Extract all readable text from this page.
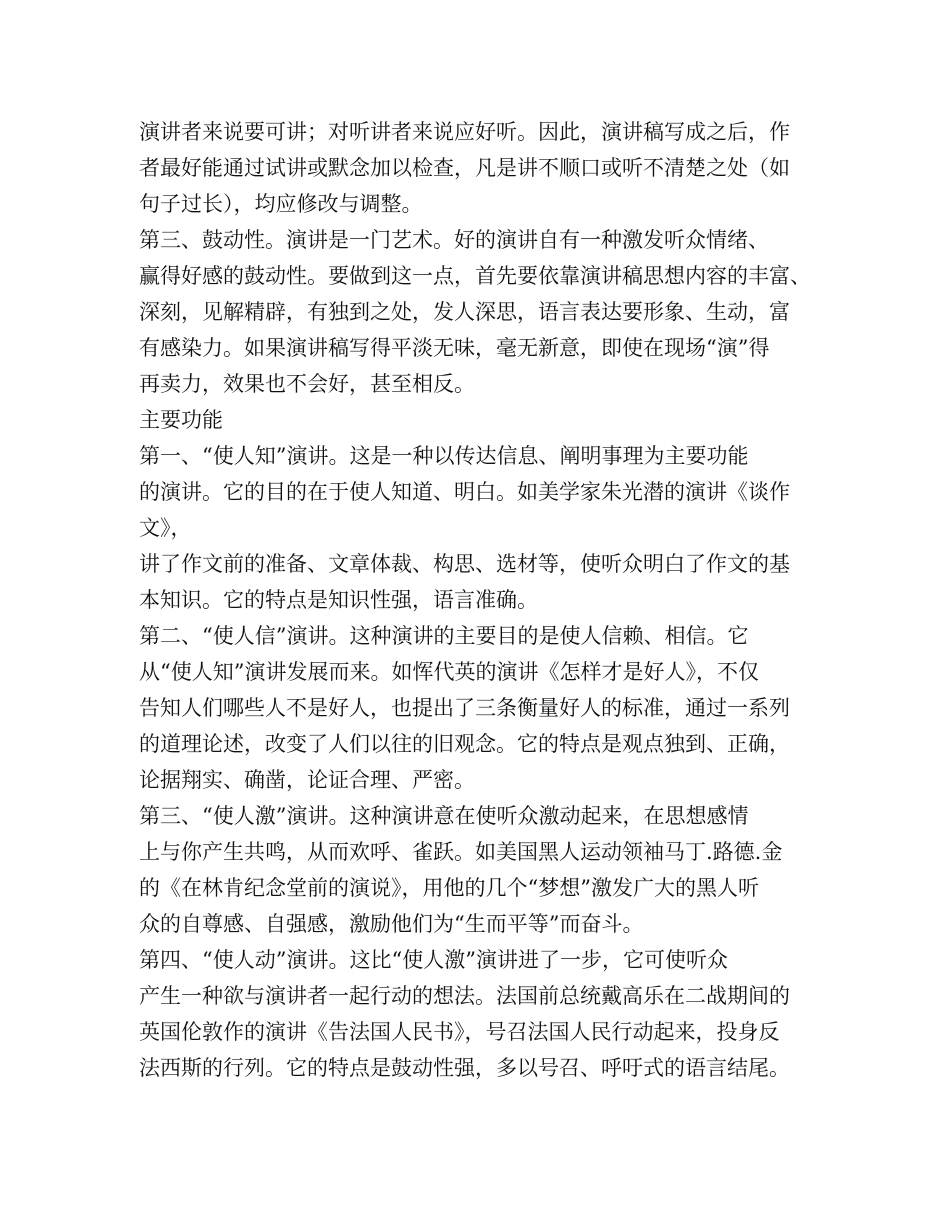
演讲者来说要可讲；对听讲者来说应好听。因此，演讲稿写成之后，作
者最好能通过试讲或默念加以检查，凡是讲不顺口或听不清楚之处（如
句子过长），均应修改与调整。
第三、鼓动性。演讲是一门艺术。好的演讲自有一种激发听众情绪、
赢得好感的鼓动性。要做到这一点，首先要依靠演讲稿思想内容的丰富、
深刻，见解精辟，有独到之处，发人深思，语言表达要形象、生动，富
有感染力。如果演讲稿写得平淡无味，毫无新意，即使在现场“演”得
再卖力，效果也不会好，甚至相反。
主要功能
第一、“使人知”演讲。这是一种以传达信息、阐明事理为主要功能
的演讲。它的目的在于使人知道、明白。如美学家朱光潜的演讲《谈作
文》，
讲了作文前的准备、文章体裁、构思、选材等，使听众明白了作文的基
本知识。它的特点是知识性强，语言准确。
第二、“使人信”演讲。这种演讲的主要目的是使人信赖、相信。它
从“使人知”演讲发展而来。如恽代英的演讲《怎样才是好人》，不仅
告知人们哪些人不是好人，也提出了三条衡量好人的标准，通过一系列
的道理论述，改变了人们以往的旧观念。它的特点是观点独到、正确，
论据翔实、确凿，论证合理、严密。
第三、“使人激”演讲。这种演讲意在使听众激动起来，在思想感情
上与你产生共鸣，从而欢呼、雀跃。如美国黑人运动领袖马丁.路德.金
的《在林肯纪念堂前的演说》，用他的几个“梦想”激发广大的黑人听
众的自尊感、自强感，激励他们为“生而平等”而奋斗。
第四、“使人动”演讲。这比“使人激”演讲进了一步，它可使听众
产生一种欲与演讲者一起行动的想法。法国前总统戴高乐在二战期间的
英国伦敦作的演讲《告法国人民书》，号召法国人民行动起来，投身反
法西斯的行列。它的特点是鼓动性强，多以号召、呼吁式的语言结尾。
